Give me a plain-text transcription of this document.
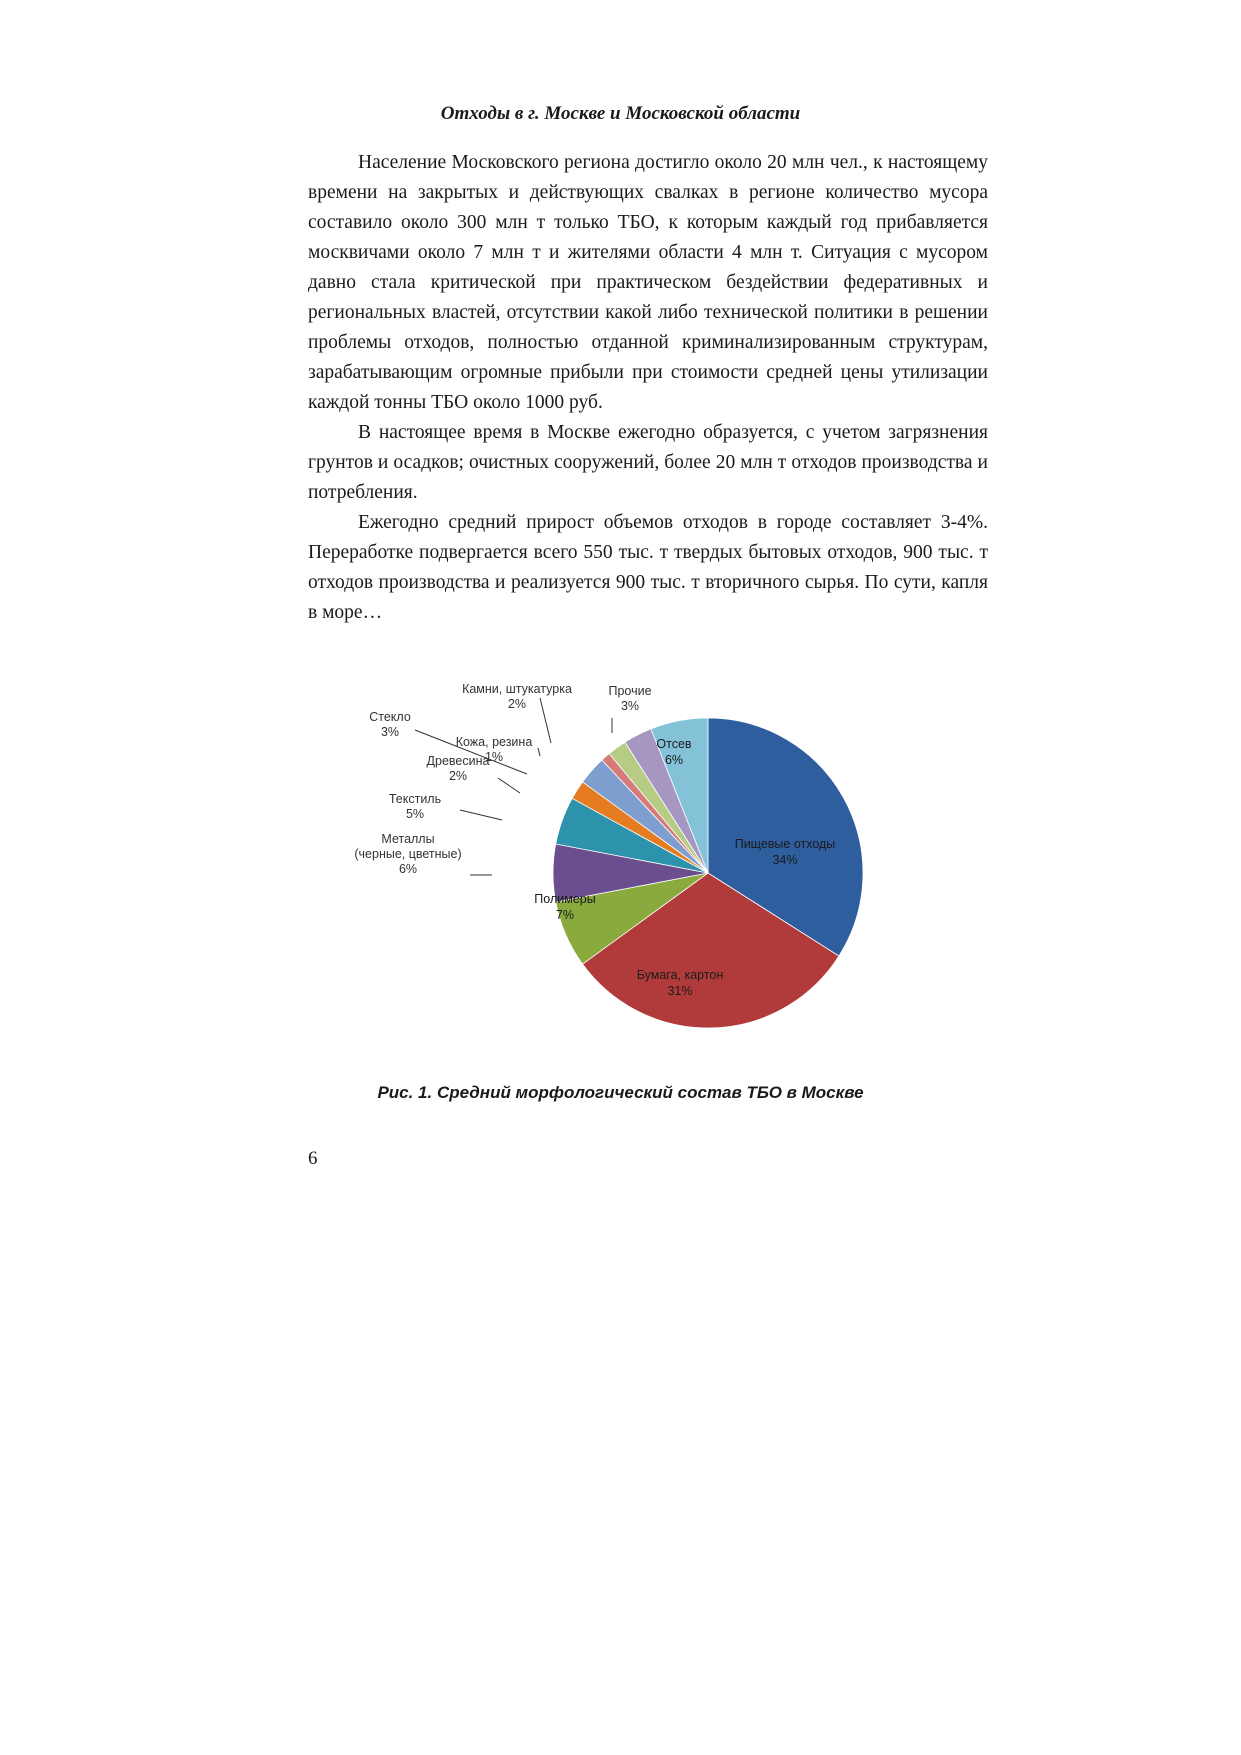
Отходы в г. Москве и Московской области

Население Московского региона достигло около 20 млн чел., к настоящему времени на закрытых и действующих свалках в регионе количество мусора составило около 300 млн т только ТБО, к которым каждый год прибавляется москвичами около 7 млн т и жителями области 4 млн т. Ситуация с мусором давно стала критической при практическом бездействии федеративных и региональных властей, отсутствии какой либо технической политики в решении проблемы отходов, полностью отданной криминализированным структурам, зарабатывающим огромные прибыли при стоимости средней цены утилизации каждой тонны ТБО около 1000 руб.

В настоящее время в Москве ежегодно образуется, с учетом загрязнения грунтов и осадков; очистных сооружений, более 20 млн т отходов производства и потребления.

Ежегодно средний прирост объемов отходов в городе составляет 3-4%. Переработке подвергается всего 550 тыс. т твердых бытовых отходов, 900 тыс. т отходов производства и реализуется 900 тыс. т вторичного сырья. По сути, капля в море…

Пищевые отходы
34%
Бумага, картон
31%
Полимеры
7%
Металлы
(черные, цветные)
6%
Текстиль
5%
Древесина
2%
Стекло
3%
Кожа, резина
1%
Камни, штукатурка
2%
Прочие
3%
Отсев
6%
Рис. 1. Средний морфологический состав ТБО в Москве
6
